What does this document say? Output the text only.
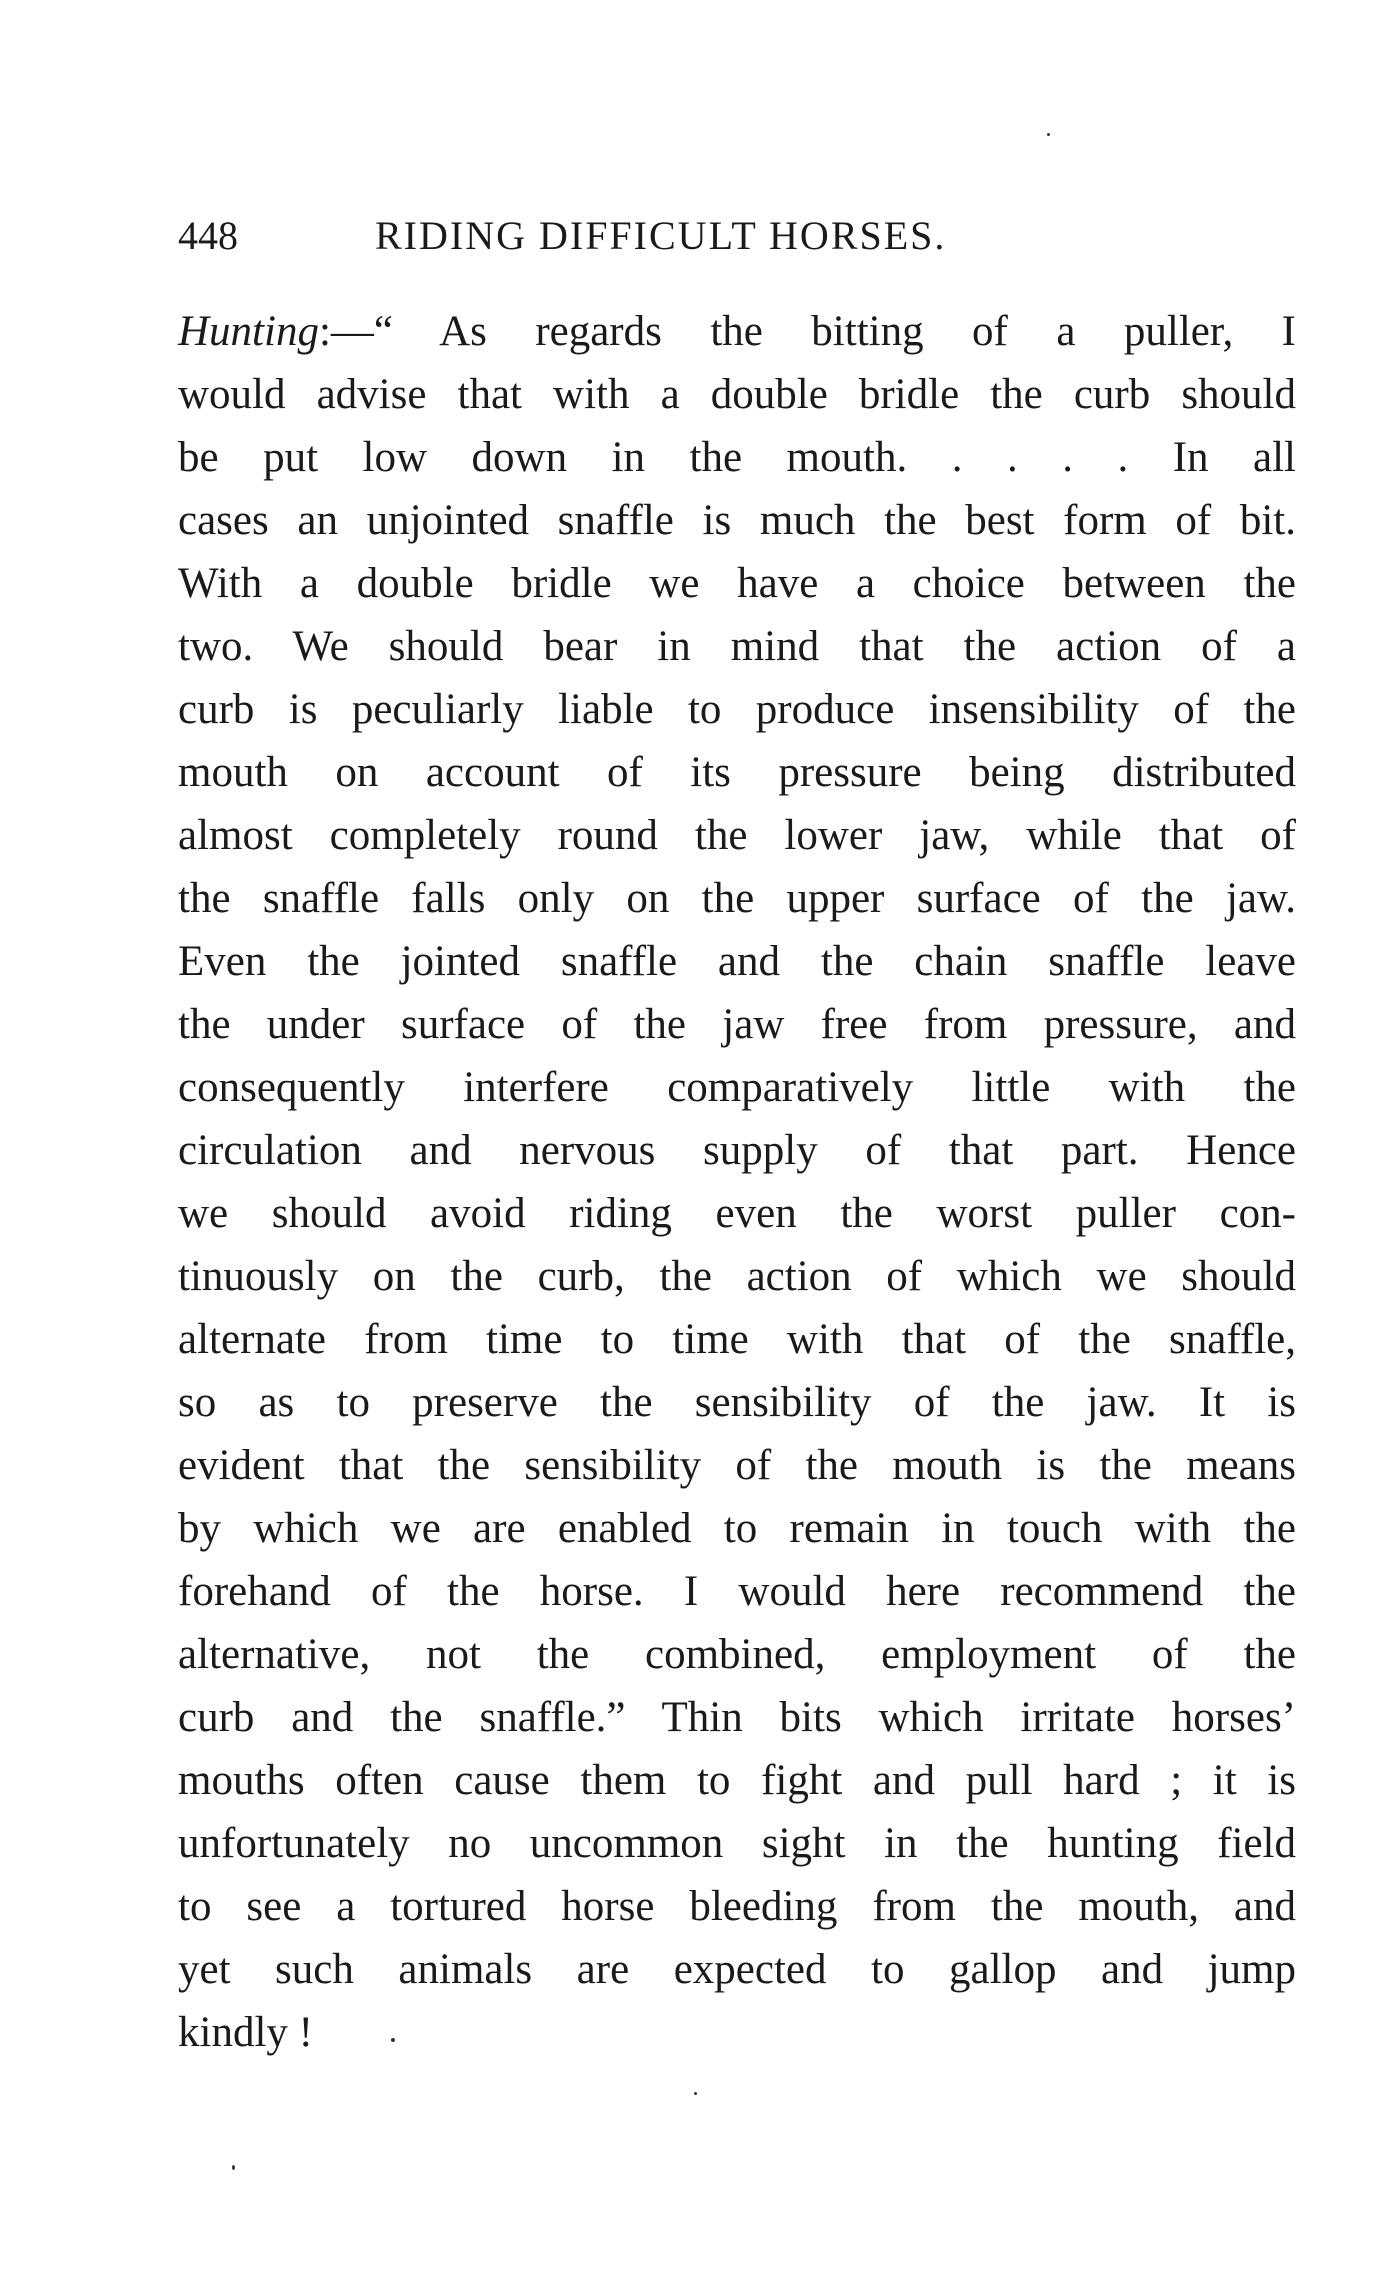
448	RIDING DIFFICULT HORSES.
Hunting:—“ As regards the bitting of a puller, I
would advise that with a double bridle the curb should
be put low down in the mouth. . . . . In all
cases an unjointed snaffle is much the best form of bit.
With a double bridle we have a choice between the
two. We should bear in mind that the action of a
curb is peculiarly liable to produce insensibility of the
mouth on account of its pressure being distributed
almost completely round the lower jaw, while that of
the snaffle falls only on the upper surface of the jaw.
Even the jointed snaffle and the chain snaffle leave
the under surface of the jaw free from pressure, and
consequently interfere comparatively little with the
circulation and nervous supply of that part. Hence
we should avoid riding even the worst puller con-
tinuously on the curb, the action of which we should
alternate from time to time with that of the snaffle,
so as to preserve the sensibility of the jaw. It is
evident that the sensibility of the mouth is the means
by which we are enabled to remain in touch with the
forehand of the horse. I would here recommend the
alternative, not the combined, employment of the
curb and the snaffle.” Thin bits which irritate horses’
mouths often cause them to fight and pull hard ; it is
unfortunately no uncommon sight in the hunting field
to see a tortured horse bleeding from the mouth, and
yet such animals are expected to gallop and jump
kindly !
